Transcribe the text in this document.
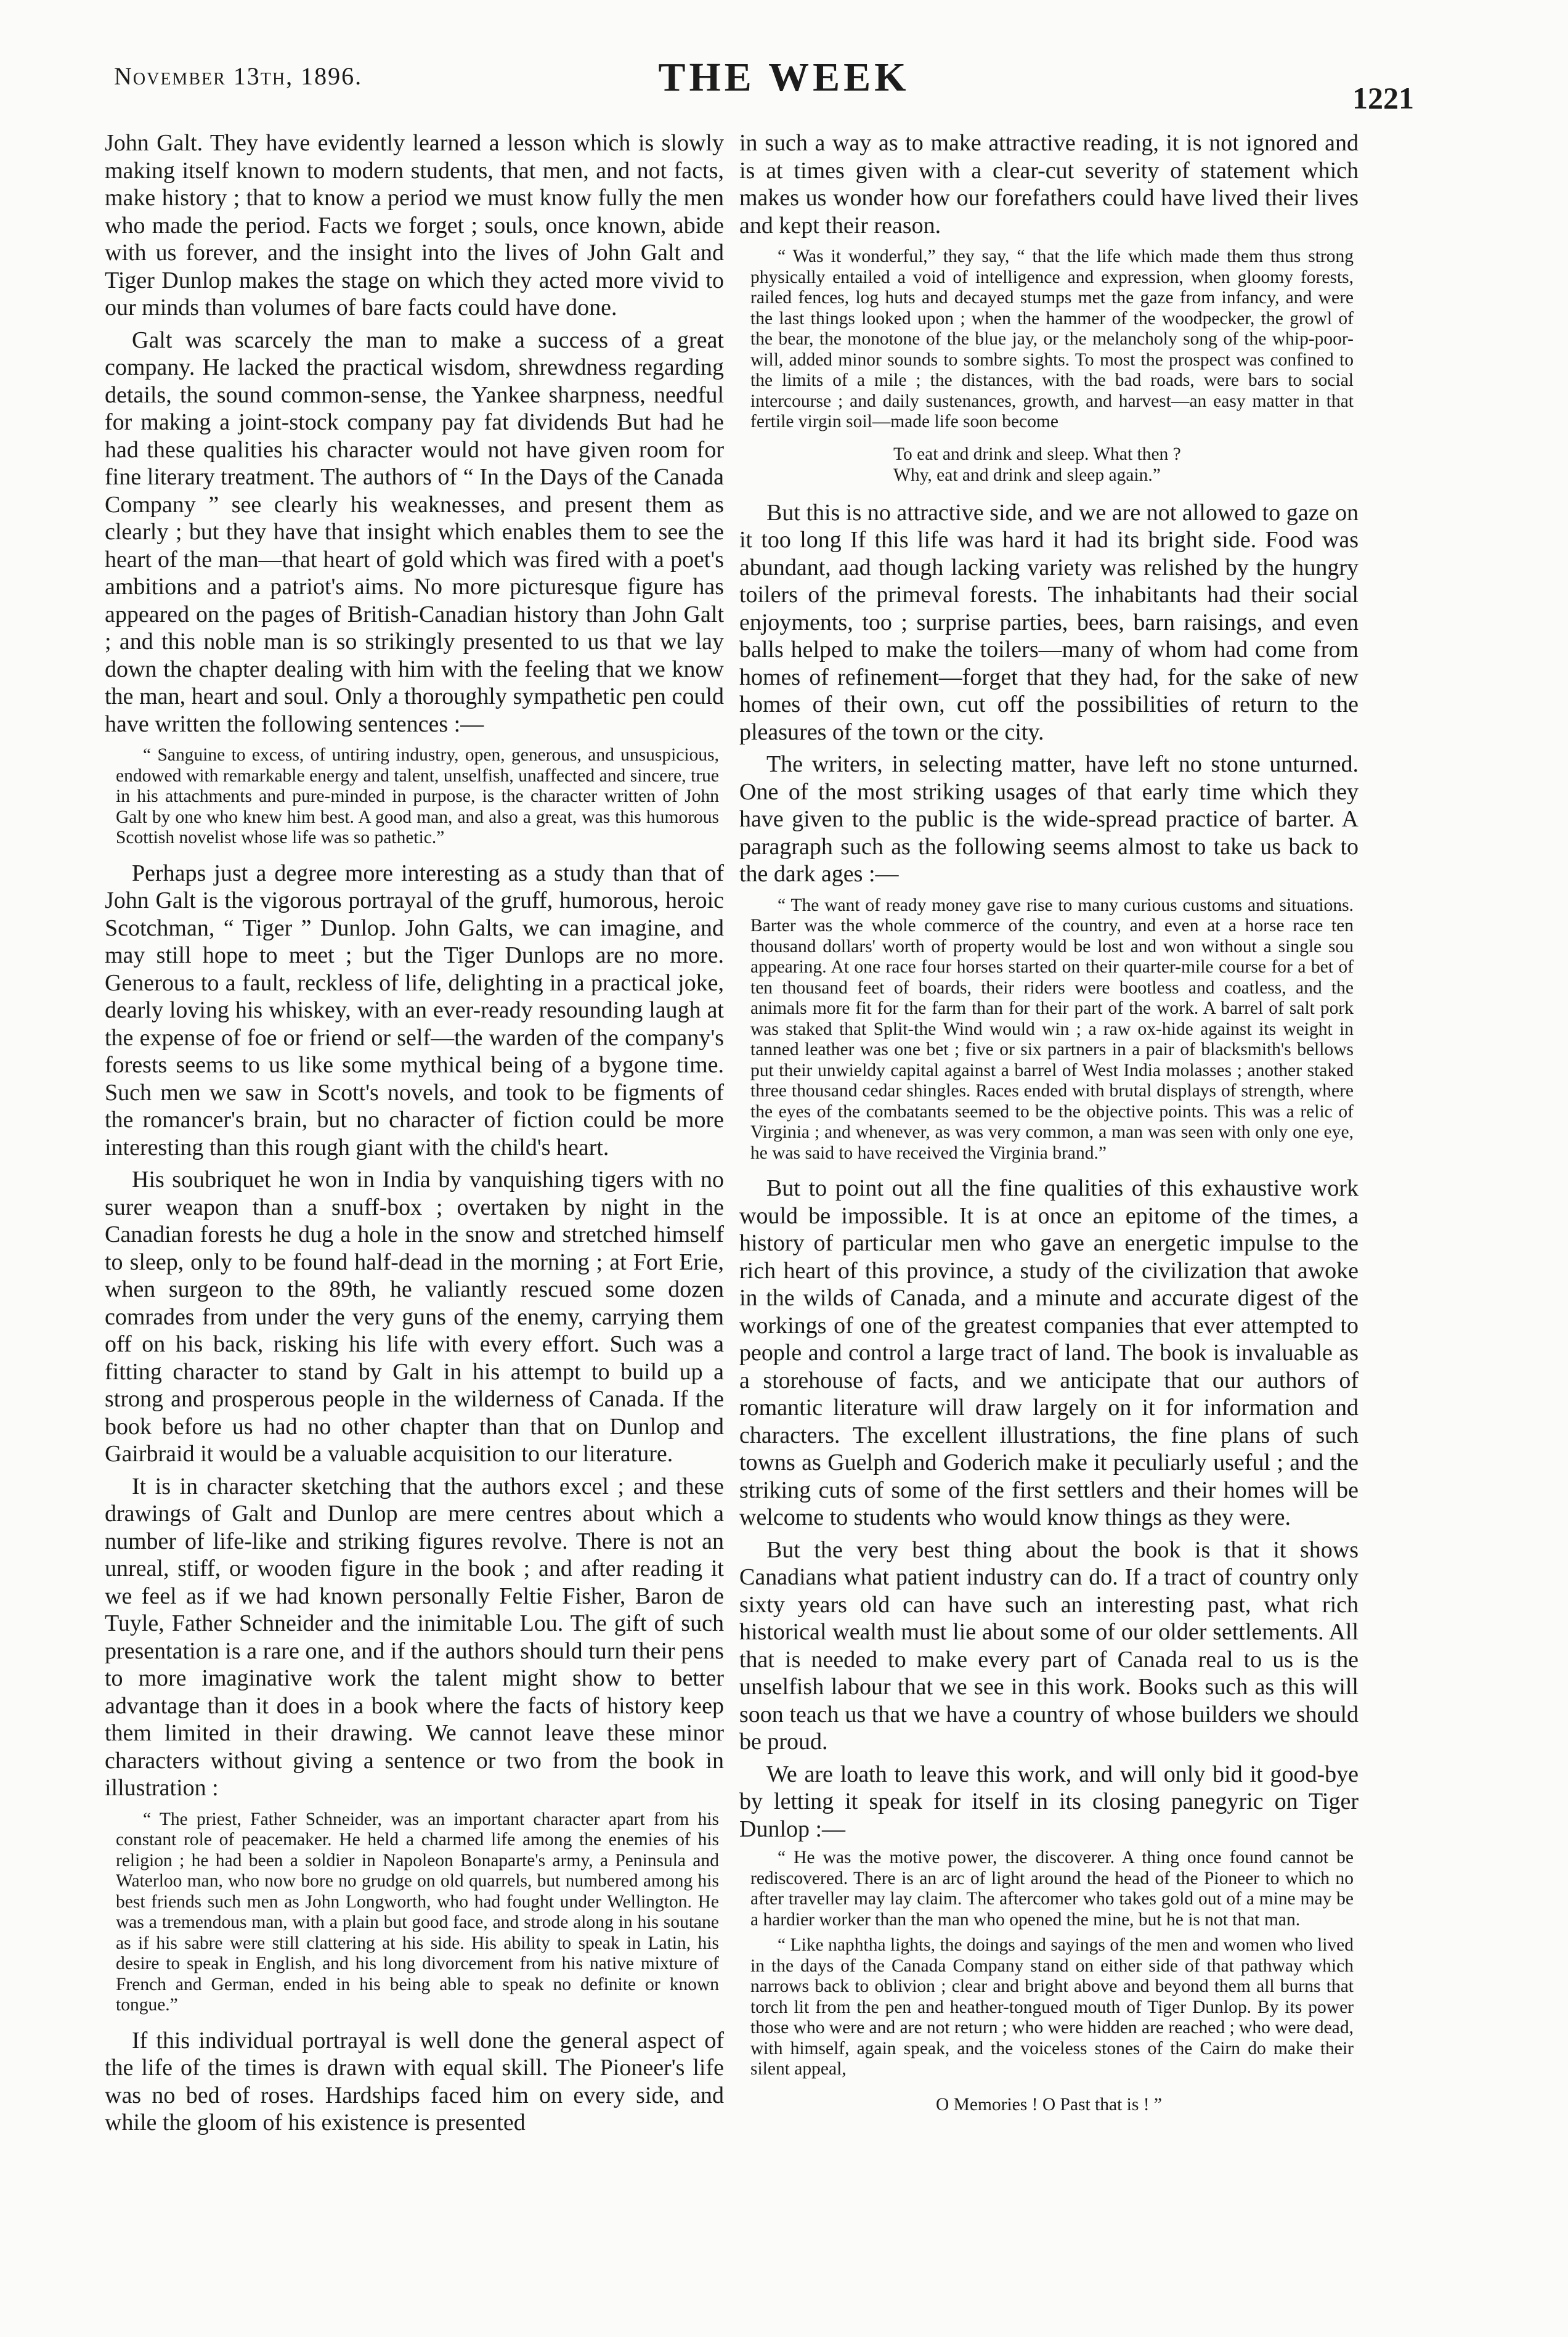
November 13th, 1896.	THE WEEK	1221

John Galt. They have evidently learned a lesson which is slowly making itself known to modern students, that men, and not facts, make history ; that to know a period we must know fully the men who made the period. Facts we forget ; souls, once known, abide with us forever, and the insight into the lives of John Galt and Tiger Dunlop makes the stage on which they acted more vivid to our minds than volumes of bare facts could have done.

Galt was scarcely the man to make a success of a great company. He lacked the practical wisdom, shrewdness regarding details, the sound common-sense, the Yankee sharpness, needful for making a joint-stock company pay fat dividends But had he had these qualities his character would not have given room for fine literary treatment. The authors of “ In the Days of the Canada Company ” see clearly his weaknesses, and present them as clearly ; but they have that insight which enables them to see the heart of the man—that heart of gold which was fired with a poet's ambitions and a patriot's aims. No more picturesque figure has appeared on the pages of British-Canadian history than John Galt ; and this noble man is so strikingly presented to us that we lay down the chapter dealing with him with the feeling that we know the man, heart and soul. Only a thoroughly sympathetic pen could have written the following sentences :—

“ Sanguine to excess, of untiring industry, open, generous, and unsuspicious, endowed with remarkable energy and talent, unselfish, unaffected and sincere, true in his attachments and pure-minded in purpose, is the character written of John Galt by one who knew him best. A good man, and also a great, was this humorous Scottish novelist whose life was so pathetic.”

Perhaps just a degree more interesting as a study than that of John Galt is the vigorous portrayal of the gruff, humorous, heroic Scotchman, “ Tiger ” Dunlop. John Galts, we can imagine, and may still hope to meet ; but the Tiger Dunlops are no more. Generous to a fault, reckless of life, delighting in a practical joke, dearly loving his whiskey, with an ever-ready resounding laugh at the expense of foe or friend or self—the warden of the company's forests seems to us like some mythical being of a bygone time. Such men we saw in Scott's novels, and took to be figments of the romancer's brain, but no character of fiction could be more interesting than this rough giant with the child's heart.

His soubriquet he won in India by vanquishing tigers with no surer weapon than a snuff-box ; overtaken by night in the Canadian forests he dug a hole in the snow and stretched himself to sleep, only to be found half-dead in the morning ; at Fort Erie, when surgeon to the 89th, he valiantly rescued some dozen comrades from under the very guns of the enemy, carrying them off on his back, risking his life with every effort. Such was a fitting character to stand by Galt in his attempt to build up a strong and prosperous people in the wilderness of Canada. If the book before us had no other chapter than that on Dunlop and Gairbraid it would be a valuable acquisition to our literature.

It is in character sketching that the authors excel ; and these drawings of Galt and Dunlop are mere centres about which a number of life-like and striking figures revolve. There is not an unreal, stiff, or wooden figure in the book ; and after reading it we feel as if we had known personally Feltie Fisher, Baron de Tuyle, Father Schneider and the inimitable Lou. The gift of such presentation is a rare one, and if the authors should turn their pens to more imaginative work the talent might show to better advantage than it does in a book where the facts of history keep them limited in their drawing. We cannot leave these minor characters without giving a sentence or two from the book in illustration :

“ The priest, Father Schneider, was an important character apart from his constant role of peacemaker. He held a charmed life among the enemies of his religion ; he had been a soldier in Napoleon Bonaparte's army, a Peninsula and Waterloo man, who now bore no grudge on old quarrels, but numbered among his best friends such men as John Longworth, who had fought under Wellington. He was a tremendous man, with a plain but good face, and strode along in his soutane as if his sabre were still clattering at his side. His ability to speak in Latin, his desire to speak in English, and his long divorcement from his native mixture of French and German, ended in his being able to speak no definite or known tongue.”

If this individual portrayal is well done the general aspect of the life of the times is drawn with equal skill. The Pioneer's life was no bed of roses. Hardships faced him on every side, and while the gloom of his existence is presented

in such a way as to make attractive reading, it is not ignored and is at times given with a clear-cut severity of statement which makes us wonder how our forefathers could have lived their lives and kept their reason.

“ Was it wonderful,” they say, “ that the life which made them thus strong physically entailed a void of intelligence and expression, when gloomy forests, railed fences, log huts and decayed stumps met the gaze from infancy, and were the last things looked upon ; when the hammer of the woodpecker, the growl of the bear, the monotone of the blue jay, or the melancholy song of the whip-poor-will, added minor sounds to sombre sights. To most the prospect was confined to the limits of a mile ; the distances, with the bad roads, were bars to social intercourse ; and daily sustenances, growth, and harvest—an easy matter in that fertile virgin soil—made life soon become

To eat and drink and sleep. What then ?
Why, eat and drink and sleep again.”

But this is no attractive side, and we are not allowed to gaze on it too long If this life was hard it had its bright side. Food was abundant, aad though lacking variety was relished by the hungry toilers of the primeval forests. The inhabitants had their social enjoyments, too ; surprise parties, bees, barn raisings, and even balls helped to make the toilers—many of whom had come from homes of refinement—forget that they had, for the sake of new homes of their own, cut off the possibilities of return to the pleasures of the town or the city.

The writers, in selecting matter, have left no stone unturned. One of the most striking usages of that early time which they have given to the public is the wide-spread practice of barter. A paragraph such as the following seems almost to take us back to the dark ages :—

“ The want of ready money gave rise to many curious customs and situations. Barter was the whole commerce of the country, and even at a horse race ten thousand dollars' worth of property would be lost and won without a single sou appearing. At one race four horses started on their quarter-mile course for a bet of ten thousand feet of boards, their riders were bootless and coatless, and the animals more fit for the farm than for their part of the work. A barrel of salt pork was staked that Split-the Wind would win ; a raw ox-hide against its weight in tanned leather was one bet ; five or six partners in a pair of blacksmith's bellows put their unwieldy capital against a barrel of West India molasses ; another staked three thousand cedar shingles. Races ended with brutal displays of strength, where the eyes of the combatants seemed to be the objective points. This was a relic of Virginia ; and whenever, as was very common, a man was seen with only one eye, he was said to have received the Virginia brand.”

But to point out all the fine qualities of this exhaustive work would be impossible. It is at once an epitome of the times, a history of particular men who gave an energetic impulse to the rich heart of this province, a study of the civilization that awoke in the wilds of Canada, and a minute and accurate digest of the workings of one of the greatest companies that ever attempted to people and control a large tract of land. The book is invaluable as a storehouse of facts, and we anticipate that our authors of romantic literature will draw largely on it for information and characters. The excellent illustrations, the fine plans of such towns as Guelph and Goderich make it peculiarly useful ; and the striking cuts of some of the first settlers and their homes will be welcome to students who would know things as they were.

But the very best thing about the book is that it shows Canadians what patient industry can do. If a tract of country only sixty years old can have such an interesting past, what rich historical wealth must lie about some of our older settlements. All that is needed to make every part of Canada real to us is the unselfish labour that we see in this work. Books such as this will soon teach us that we have a country of whose builders we should be proud.

We are loath to leave this work, and will only bid it good-bye by letting it speak for itself in its closing panegyric on Tiger Dunlop :—

“ He was the motive power, the discoverer. A thing once found cannot be rediscovered. There is an arc of light around the head of the Pioneer to which no after traveller may lay claim. The aftercomer who takes gold out of a mine may be a hardier worker than the man who opened the mine, but he is not that man.

“ Like naphtha lights, the doings and sayings of the men and women who lived in the days of the Canada Company stand on either side of that pathway which narrows back to oblivion ; clear and bright above and beyond them all burns that torch lit from the pen and heather-tongued mouth of Tiger Dunlop. By its power those who were and are not return ; who were hidden are reached ; who were dead, with himself, again speak, and the voiceless stones of the Cairn do make their silent appeal,

O Memories ! O Past that is ! ”
